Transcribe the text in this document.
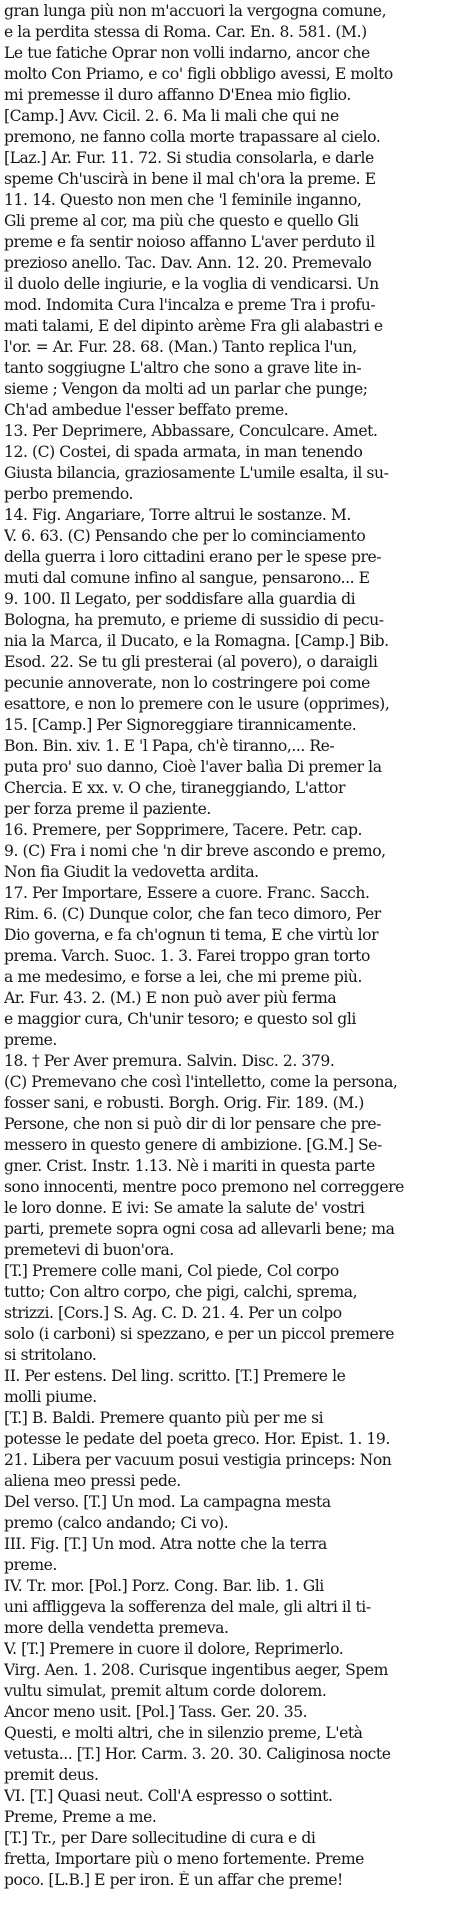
gran lunga più non m'accuori la vergogna comune,
e la perdita stessa di Roma. Car. En. 8. 581. (M.)
Le tue fatiche Oprar non volli indarno, ancor che
molto Con Priamo, e co' figli obbligo avessi, E molto
mi premesse il duro affanno D'Enea mio figlio.
[Camp.] Avv. Cicil. 2. 6. Ma li mali che qui ne
premono, ne fanno colla morte trapassare al cielo.
[Laz.] Ar. Fur. 11. 72. Si studia consolarla, e darle
speme Ch'uscirà in bene il mal ch'ora la preme. E
11. 14. Questo non men che 'l feminile inganno,
Gli preme al cor, ma più che questo e quello Gli
preme e fa sentir noioso affanno L'aver perduto il
prezioso anello. Tac. Dav. Ann. 12. 20. Premevalo
il duolo delle ingiurie, e la voglia di vendicarsi. Un
mod. Indomita Cura l'incalza e preme Tra i profu-
mati talami, E del dipinto arème Fra gli alabastri e
l'or. = Ar. Fur. 28. 68. (Man.) Tanto replica l'un,
tanto soggiugne L'altro che sono a grave lite in-
sieme ; Vengon da molti ad un parlar che punge;
Ch'ad ambedue l'esser beffato preme.
13. Per Deprimere, Abbassare, Conculcare. Amet.
12. (C) Costei, di spada armata, in man tenendo
Giusta bilancia, graziosamente L'umile esalta, il su-
perbo premendo.
14. Fig. Angariare, Torre altrui le sostanze. M.
V. 6. 63. (C) Pensando che per lo cominciamento
della guerra i loro cittadini erano per le spese pre-
muti dal comune infino al sangue, pensarono... E
9. 100. Il Legato, per soddisfare alla guardia di
Bologna, ha premuto, e prieme di sussidio di pecu-
nia la Marca, il Ducato, e la Romagna. [Camp.] Bib.
Esod. 22. Se tu gli presterai (al povero), o daraigli
pecunie annoverate, non lo costringere poi come
esattore, e non lo premere con le usure (opprimes),
15. [Camp.] Per Signoreggiare tirannicamente.
Bon. Bin. xiv. 1. E 'l Papa, ch'è tiranno,... Re-
puta pro' suo danno, Cioè l'aver balìa Di premer la
Chercia. E xx. v. O che, tiraneggiando, L'attor
per forza preme il paziente.
16. Premere, per Sopprimere, Tacere. Petr. cap.
9. (C) Fra i nomi che 'n dir breve ascondo e premo,
Non fia Giudit la vedovetta ardita.
17. Per Importare, Essere a cuore. Franc. Sacch.
Rim. 6. (C) Dunque color, che fan teco dimoro, Per
Dio governa, e fa ch'ognun ti tema, E che virtù lor
prema. Varch. Suoc. 1. 3. Farei troppo gran torto
a me medesimo, e forse a lei, che mi preme più.
Ar. Fur. 43. 2. (M.) E non può aver più ferma
e maggior cura, Ch'unir tesoro; e questo sol gli
preme.
18. † Per Aver premura. Salvin. Disc. 2. 379.
(C) Premevano che così l'intelletto, come la persona,
fosser sani, e robusti. Borgh. Orig. Fir. 189. (M.)
Persone, che non si può dir di lor pensare che pre-
messero in questo genere di ambizione. [G.M.] Se-
gner. Crist. Instr. 1.13. Nè i mariti in questa parte
sono innocenti, mentre poco premono nel correggere
le loro donne. E ivi: Se amate la salute de' vostri
parti, premete sopra ogni cosa ad allevarli bene; ma
premetevi di buon'ora.
[T.] Premere colle mani, Col piede, Col corpo
tutto; Con altro corpo, che pigi, calchi, sprema,
strizzi. [Cors.] S. Ag. C. D. 21. 4. Per un colpo
solo (i carboni) si spezzano, e per un piccol premere
si stritolano.
II. Per estens. Del ling. scritto. [T.] Premere le
molli piume.
[T.] B. Baldi. Premere quanto più per me si
potesse le pedate del poeta greco. Hor. Epist. 1. 19.
21. Libera per vacuum posui vestigia princeps: Non
aliena meo pressi pede.
Del verso. [T.] Un mod. La campagna mesta
premo (calco andando; Ci vo).
III. Fig. [T.] Un mod. Atra notte che la terra
preme.
IV. Tr. mor. [Pol.] Porz. Cong. Bar. lib. 1. Gli
uni affliggeva la sofferenza del male, gli altri il ti-
more della vendetta premeva.
V. [T.] Premere in cuore il dolore, Reprimerlo.
Virg. Aen. 1. 208. Curisque ingentibus aeger, Spem
vultu simulat, premit altum corde dolorem.
Ancor meno usit. [Pol.] Tass. Ger. 20. 35.
Questi, e molti altri, che in silenzio preme, L'età
vetusta... [T.] Hor. Carm. 3. 20. 30. Caliginosa nocte
premit deus.
VI. [T.] Quasi neut. Coll'A espresso o sottint.
Preme, Preme a me.
[T.] Tr., per Dare sollecitudine di cura e di
fretta, Importare più o meno fortemente. Preme
poco. [L.B.] E per iron. È un affar che preme!
